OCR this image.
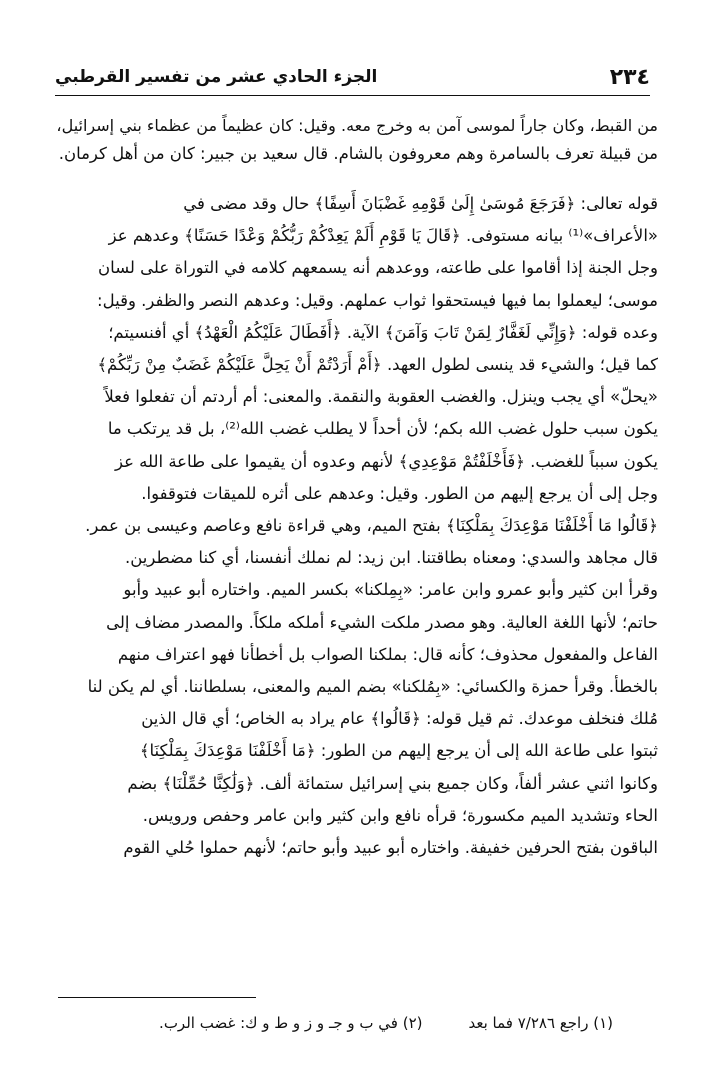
٢٣٤
الجزء الحادي عشر من تفسير القرطبي

من القبط، وكان جاراً لموسى آمن به وخرج معه. وقيل: كان عظيماً من عظماء بني إسرائيل،

من قبيلة تعرف بالسامرة وهم معروفون بالشام. قال سعيد بن جبير: كان من أهل كرمان.

قوله تعالى: ﴿فَرَجَعَ مُوسَىٰ إِلَىٰ قَوْمِهِ غَضْبَانَ أَسِفًا﴾ حال وقد مضى في

«الأعراف»⁽¹⁾ بيانه مستوفى. ﴿قَالَ يَا قَوْمِ أَلَمْ يَعِدْكُمْ رَبُّكُمْ وَعْدًا حَسَنًا﴾ وعدهم عز

وجل الجنة إذا أقاموا على طاعته، ووعدهم أنه يسمعهم كلامه في التوراة على لسان

موسى؛ ليعملوا بما فيها فيستحقوا ثواب عملهم. وقيل: وعدهم النصر والظفر. وقيل:

وعده قوله: ﴿وَإِنِّي لَغَفَّارٌ لِمَنْ تَابَ وَآمَنَ﴾ الآية. ﴿أَفَطَالَ عَلَيْكُمُ الْعَهْدُ﴾ أي أفنسيتم؛

كما قيل؛ والشيء قد ينسى لطول العهد. ﴿أَمْ أَرَدْتُمْ أَنْ يَحِلَّ عَلَيْكُمْ غَضَبٌ مِنْ رَبِّكُمْ﴾

«يحلّ» أي يجب وينزل. والغضب العقوبة والنقمة. والمعنى: أم أردتم أن تفعلوا فعلاً

يكون سبب حلول غضب الله بكم؛ لأن أحداً لا يطلب غضب الله⁽²⁾، بل قد يرتكب ما

يكون سبباً للغضب. ﴿فَأَخْلَفْتُمْ مَوْعِدِي﴾ لأنهم وعدوه أن يقيموا على طاعة الله عز

وجل إلى أن يرجع إليهم من الطور. وقيل: وعدهم على أثره للميقات فتوقفوا.

﴿قَالُوا مَا أَخْلَفْنَا مَوْعِدَكَ بِمَلْكِنَا﴾ بفتح الميم، وهي قراءة نافع وعاصم وعيسى بن عمر.

قال مجاهد والسدي: ومعناه بطاقتنا. ابن زيد: لم نملك أنفسنا، أي كنا مضطرين.

وقرأ ابن كثير وأبو عمرو وابن عامر: «بِمِلكنا» بكسر الميم. واختاره أبو عبيد وأبو

حاتم؛ لأنها اللغة العالية. وهو مصدر ملكت الشيء أملكه ملكاً. والمصدر مضاف إلى

الفاعل والمفعول محذوف؛ كأنه قال: بملكنا الصواب بل أخطأنا فهو اعتراف منهم

بالخطأ. وقرأ حمزة والكسائي: «بِمُلكنا» بضم الميم والمعنى، بسلطاننا. أي لم يكن لنا

مُلك فنخلف موعدك. ثم قيل قوله: ﴿قَالُوا﴾ عام يراد به الخاص؛ أي قال الذين

ثبتوا على طاعة الله إلى أن يرجع إليهم من الطور: ﴿مَا أَخْلَفْنَا مَوْعِدَكَ بِمَلْكِنَا﴾

وكانوا اثني عشر ألفاً، وكان جميع بني إسرائيل ستمائة ألف. ﴿وَلَٰكِنَّا حُمِّلْنَا﴾ بضم

الحاء وتشديد الميم مكسورة؛ قرأه نافع وابن كثير وابن عامر وحفص ورويس.

الباقون بفتح الحرفين خفيفة. واختاره أبو عبيد وأبو حاتم؛ لأنهم حملوا حُلي القوم

(١) راجع ٧/٢٨٦ فما بعد
(٢) في ب و جـ و ز و ط و ك: غضب الرب.
